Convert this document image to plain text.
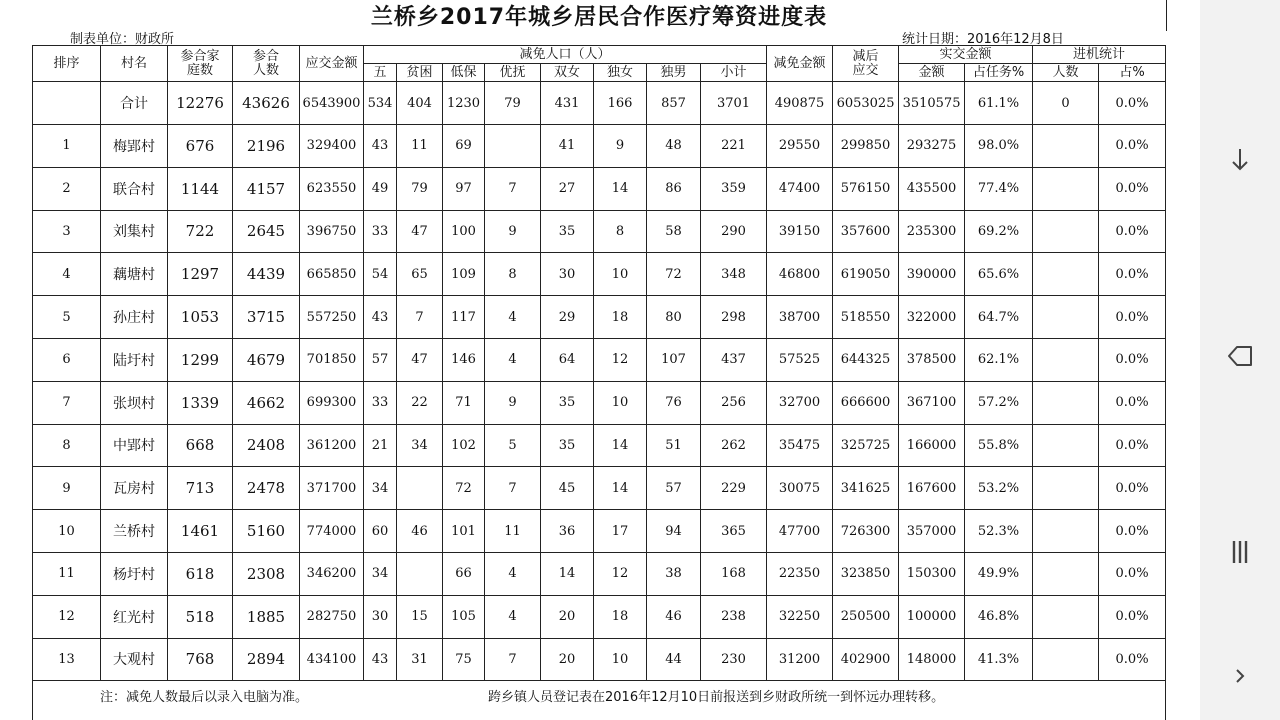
兰桥乡2017年城乡居民合作医疗筹资进度表
制表单位：财政所	统计日期：2016年12月8日
排序	村名	参合家庭数	参合人数	应交金额	减免人口（人）								减免金额	减后应交	实交金额		进机统计	
					五	贫困	低保	优抚	双女	独女	独男	小计			金额	占任务%	人数	占%
	合计	12276	43626	6543900	534	404	1230	79	431	166	857	3701	490875	6053025	3510575	61.1%	0	0.0%
1	梅郢村	676	2196	329400	43	11	69		41	9	48	221	29550	299850	293275	98.0%		0.0%
2	联合村	1144	4157	623550	49	79	97	7	27	14	86	359	47400	576150	435500	77.4%		0.0%
3	刘集村	722	2645	396750	33	47	100	9	35	8	58	290	39150	357600	235300	69.2%		0.0%
4	藕塘村	1297	4439	665850	54	65	109	8	30	10	72	348	46800	619050	390000	65.6%		0.0%
5	孙庄村	1053	3715	557250	43	7	117	4	29	18	80	298	38700	518550	322000	64.7%		0.0%
6	陆圩村	1299	4679	701850	57	47	146	4	64	12	107	437	57525	644325	378500	62.1%		0.0%
7	张坝村	1339	4662	699300	33	22	71	9	35	10	76	256	32700	666600	367100	57.2%		0.0%
8	中郢村	668	2408	361200	21	34	102	5	35	14	51	262	35475	325725	166000	55.8%		0.0%
9	瓦房村	713	2478	371700	34		72	7	45	14	57	229	30075	341625	167600	53.2%		0.0%
10	兰桥村	1461	5160	774000	60	46	101	11	36	17	94	365	47700	726300	357000	52.3%		0.0%
11	杨圩村	618	2308	346200	34		66	4	14	12	38	168	22350	323850	150300	49.9%		0.0%
12	红光村	518	1885	282750	30	15	105	4	20	18	46	238	32250	250500	100000	46.8%		0.0%
13	大观村	768	2894	434100	43	31	75	7	20	10	44	230	31200	402900	148000	41.3%		0.0%
注：减免人数最后以录入电脑为准。	跨乡镇人员登记表在2016年12月10日前报送到乡财政所统一到怀远办理转移。
